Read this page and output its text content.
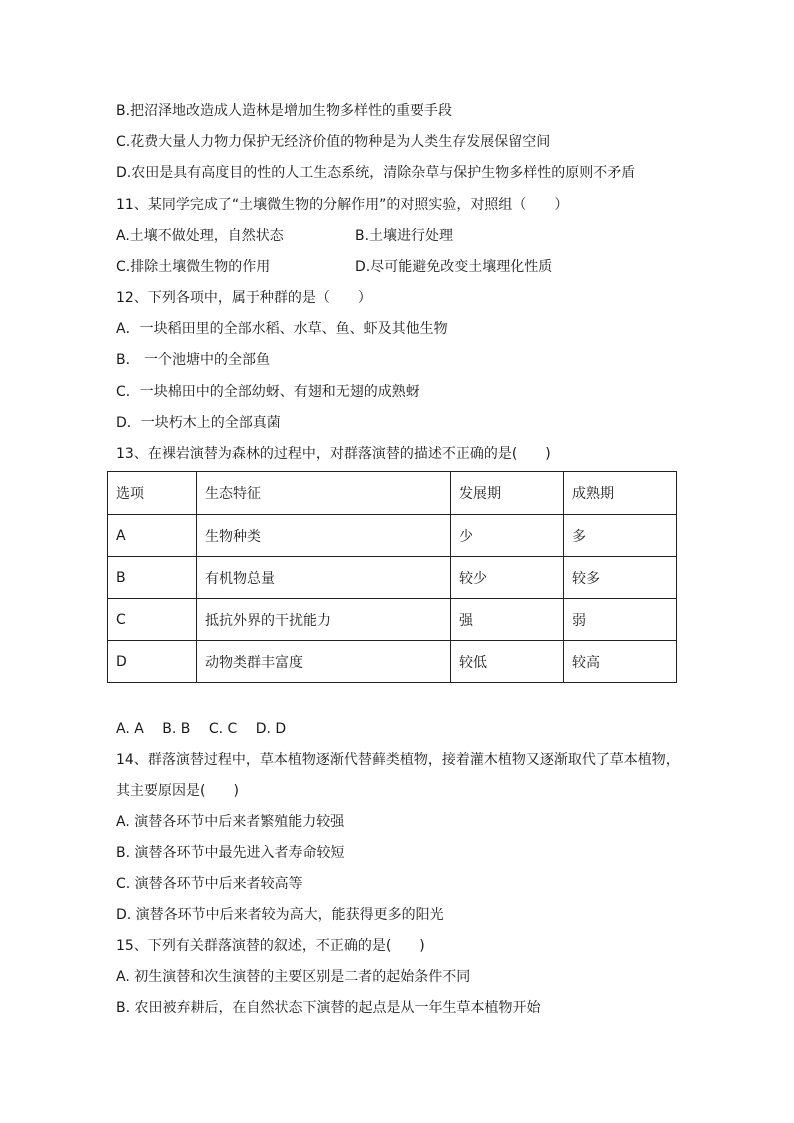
B.把沼泽地改造成人造林是增加生物多样性的重要手段
C.花费大量人力物力保护无经济价值的物种是为人类生存发展保留空间
D.农田是具有高度目的性的人工生态系统，清除杂草与保护生物多样性的原则不矛盾
11、某同学完成了“土壤微生物的分解作用”的对照实验，对照组（　　）
A.土壤不做处理，自然状态	B.土壤进行处理
C.排除土壤微生物的作用	D.尽可能避免改变土壤理化性质
12、下列各项中，属于种群的是（　　）
A．一块稻田里的全部水稻、水草、鱼、虾及其他生物
B． 一个池塘中的全部鱼
C．一块棉田中的全部幼蚜、有翅和无翅的成熟蚜
D．一块朽木上的全部真菌
13、在裸岩演替为森林的过程中，对群落演替的描述不正确的是(　　)
选项	生态特征	发展期	成熟期
A	生物种类	少	多
B	有机物总量	较少	较多
C	抵抗外界的干扰能力	强	弱
D	动物类群丰富度	较低	较高
A. A　 B. B　 C. C　 D. D
14、群落演替过程中，草本植物逐渐代替藓类植物，接着灌木植物又逐渐取代了草本植物，
其主要原因是(　　)
A. 演替各环节中后来者繁殖能力较强
B. 演替各环节中最先进入者寿命较短
C. 演替各环节中后来者较高等
D. 演替各环节中后来者较为高大，能获得更多的阳光
15、下列有关群落演替的叙述，不正确的是(　　)
A. 初生演替和次生演替的主要区别是二者的起始条件不同
B. 农田被弃耕后，在自然状态下演替的起点是从一年生草本植物开始
